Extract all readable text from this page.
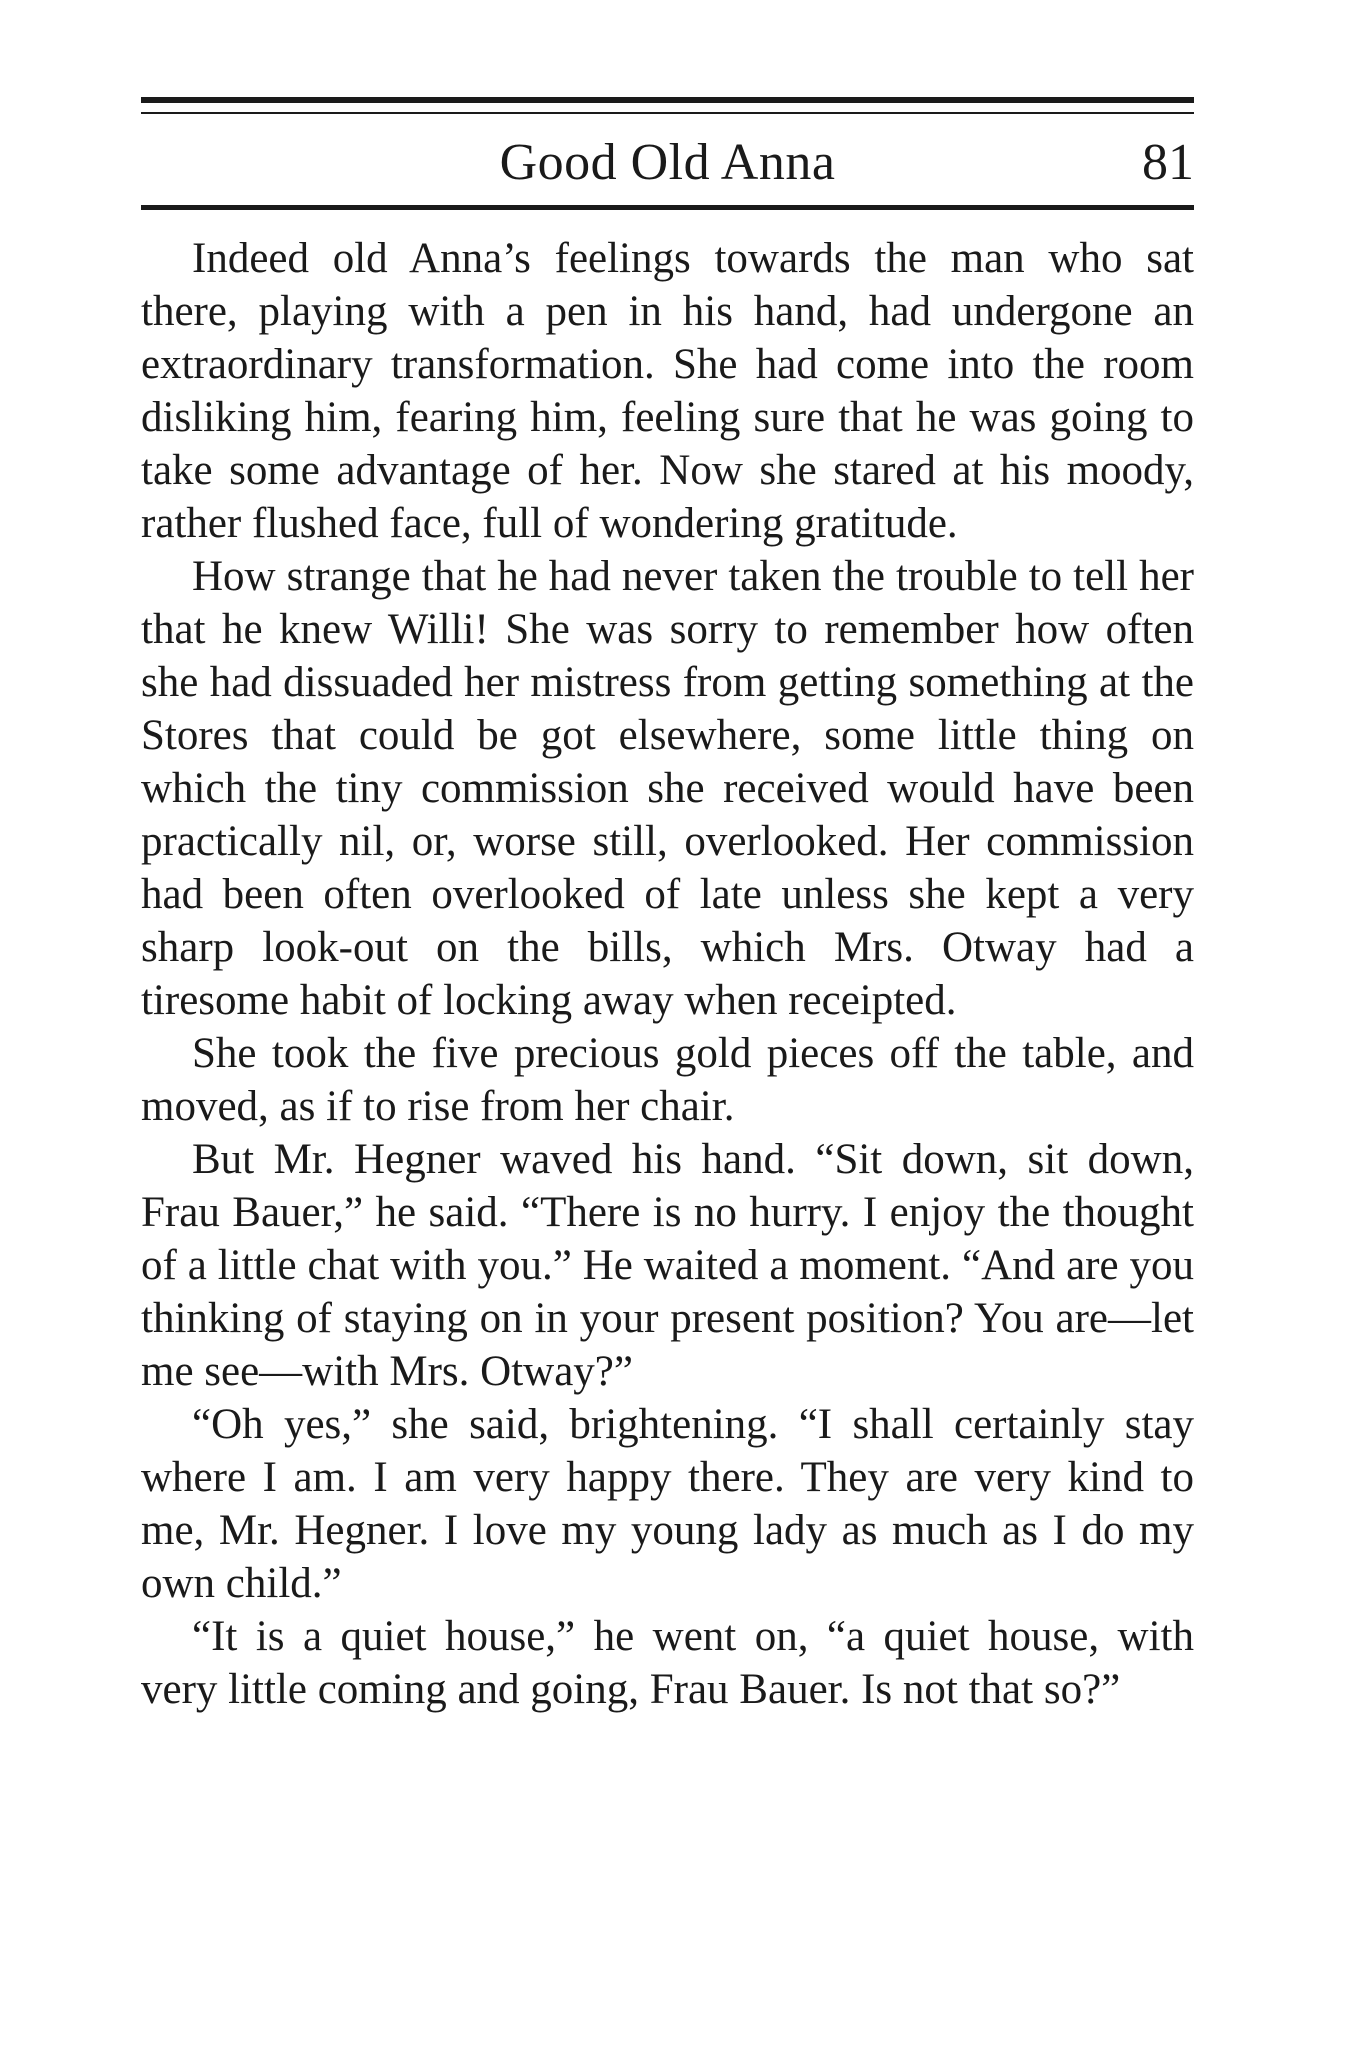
Good Old Anna	81

Indeed old Anna’s feelings towards the man who sat there, playing with a pen in his hand, had undergone an extraordinary transformation. She had come into the room disliking him, fearing him, feeling sure that he was going to take some advantage of her. Now she stared at his moody, rather flushed face, full of wondering gratitude.

How strange that he had never taken the trouble to tell her that he knew Willi! She was sorry to remember how often she had dissuaded her mistress from getting something at the Stores that could be got elsewhere, some little thing on which the tiny commission she received would have been practically nil, or, worse still, overlooked. Her commission had been often overlooked of late unless she kept a very sharp look-out on the bills, which Mrs. Otway had a tiresome habit of locking away when receipted.

She took the five precious gold pieces off the table, and moved, as if to rise from her chair.

But Mr. Hegner waved his hand. “Sit down, sit down, Frau Bauer,” he said. “There is no hurry. I enjoy the thought of a little chat with you.” He waited a moment. “And are you thinking of staying on in your present position? You are—let me see—with Mrs. Otway?”

“Oh yes,” she said, brightening. “I shall certainly stay where I am. I am very happy there. They are very kind to me, Mr. Hegner. I love my young lady as much as I do my own child.”

“It is a quiet house,” he went on, “a quiet house, with very little coming and going, Frau Bauer. Is not that so?”
